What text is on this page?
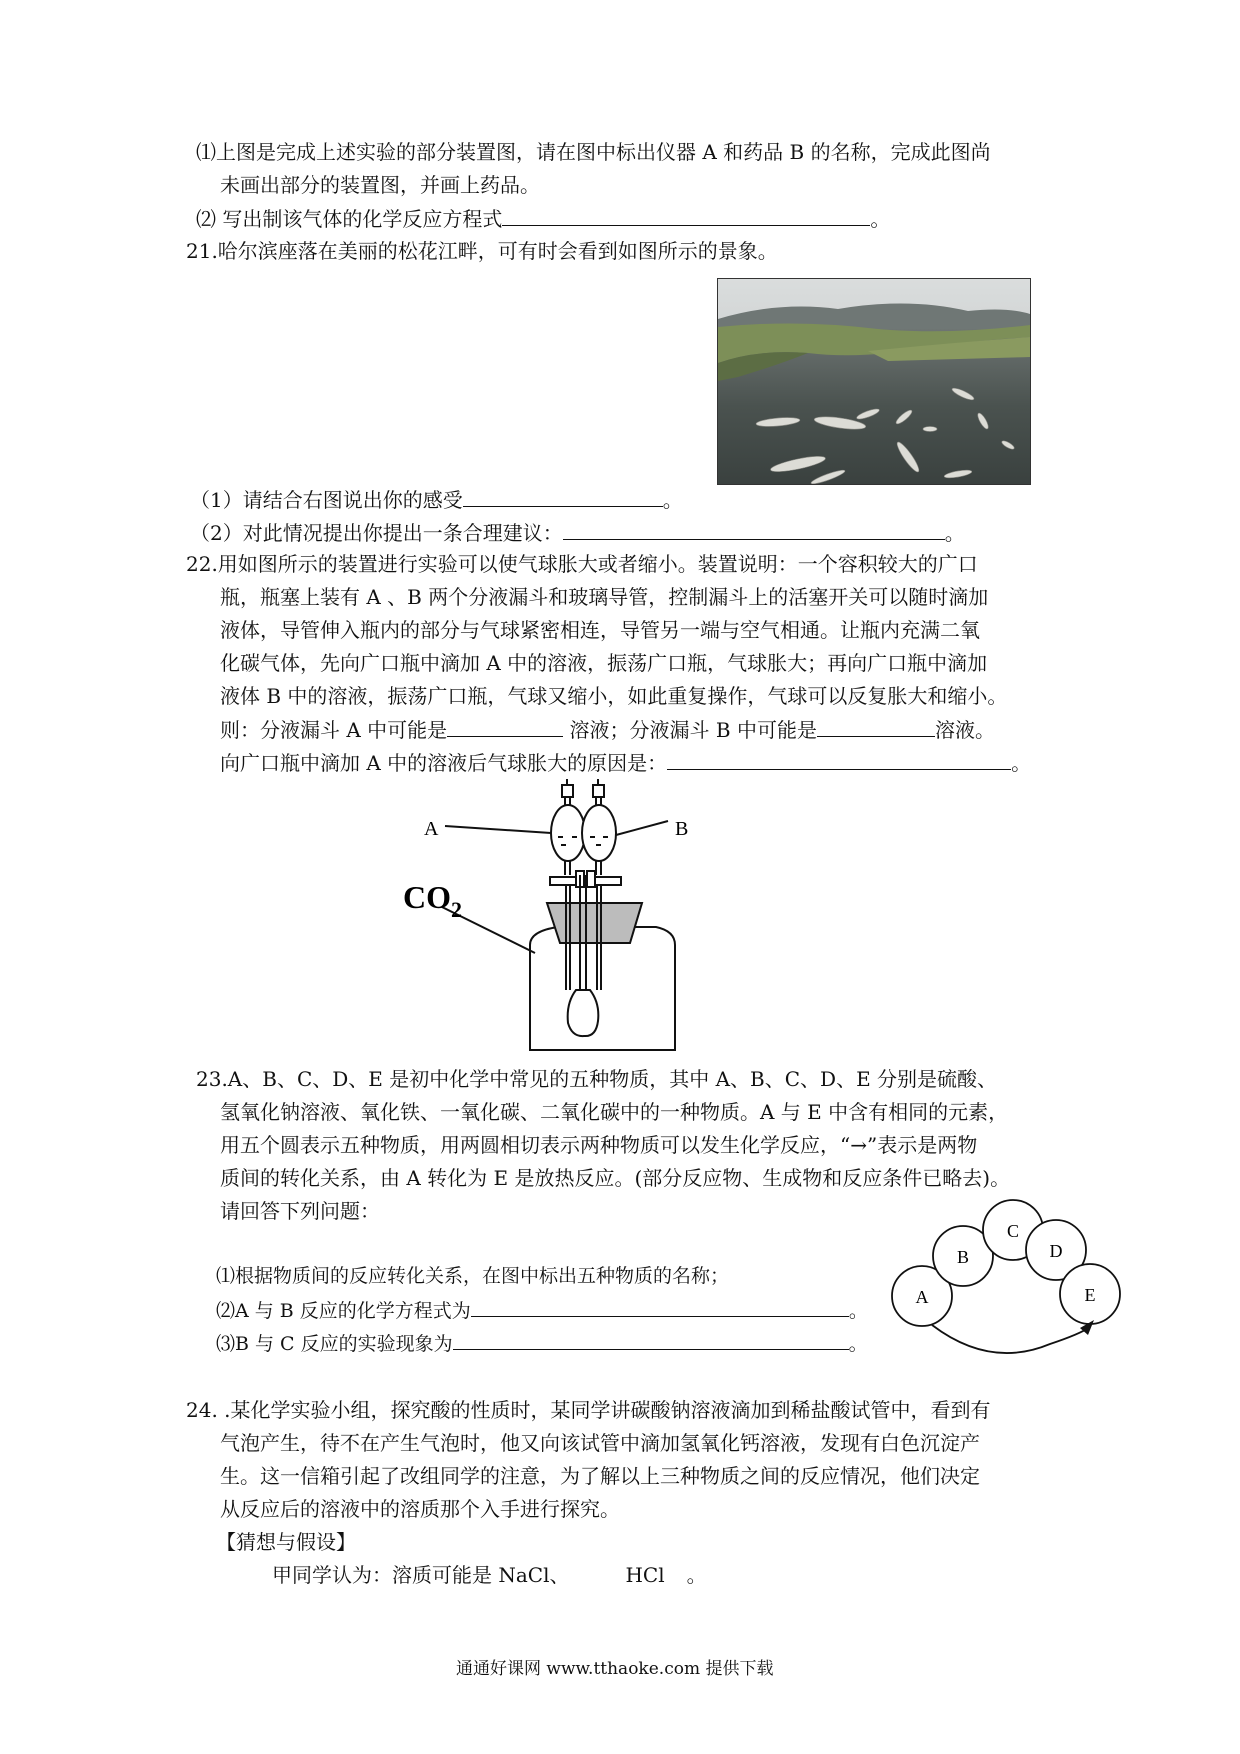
⑴上图是完成上述实验的部分装置图，请在图中标出仪器 A 和药品 B 的名称，完成此图尚
未画出部分的装置图，并画上药品。
⑵ 写出制该气体的化学反应方程式	。
21.哈尔滨座落在美丽的松花江畔，可有时会看到如图所示的景象。
（1）请结合右图说出你的感受	。
（2）对此情况提出你提出一条合理建议：	。
22.用如图所示的装置进行实验可以使气球胀大或者缩小。装置说明：一个容积较大的广口
瓶，瓶塞上装有 A 、B 两个分液漏斗和玻璃导管，控制漏斗上的活塞开关可以随时滴加
液体，导管伸入瓶内的部分与气球紧密相连，导管另一端与空气相通。让瓶内充满二氧
化碳气体，先向广口瓶中滴加 A 中的溶液，振荡广口瓶，气球胀大；再向广口瓶中滴加
液体 B 中的溶液，振荡广口瓶，气球又缩小，如此重复操作，气球可以反复胀大和缩小。
则：分液漏斗 A 中可能是	溶液；分液漏斗 B 中可能是	溶液。
向广口瓶中滴加 A 中的溶液后气球胀大的原因是：	。
A	B
$CO_2$
23.A、B、C、D、E 是初中化学中常见的五种物质，其中 A、B、C、D、E 分别是硫酸、
氢氧化钠溶液、氧化铁、一氧化碳、二氧化碳中的一种物质。A 与 E 中含有相同的元素，
用五个圆表示五种物质，用两圆相切表示两种物质可以发生化学反应，“→”表示是两物
质间的转化关系，由 A 转化为 E 是放热反应。(部分反应物、生成物和反应条件已略去)。
请回答下列问题：
⑴根据物质间的反应转化关系，在图中标出五种物质的名称；
⑵A 与 B 反应的化学方程式为	。
⑶B 与 C 反应的实验现象为	。
A
B
C
D
E
24. .某化学实验小组，探究酸的性质时，某同学讲碳酸钠溶液滴加到稀盐酸试管中，看到有
气泡产生，待不在产生气泡时，他又向该试管中滴加氢氧化钙溶液，发现有白色沉淀产
生。这一信箱引起了改组同学的注意，为了解以上三种物质之间的反应情况，他们决定
从反应后的溶液中的溶质那个入手进行探究。
【猜想与假设】
甲同学认为：溶质可能是 NaCl、	HCl 。
通通好课网 www.tthaoke.com 提供下载
